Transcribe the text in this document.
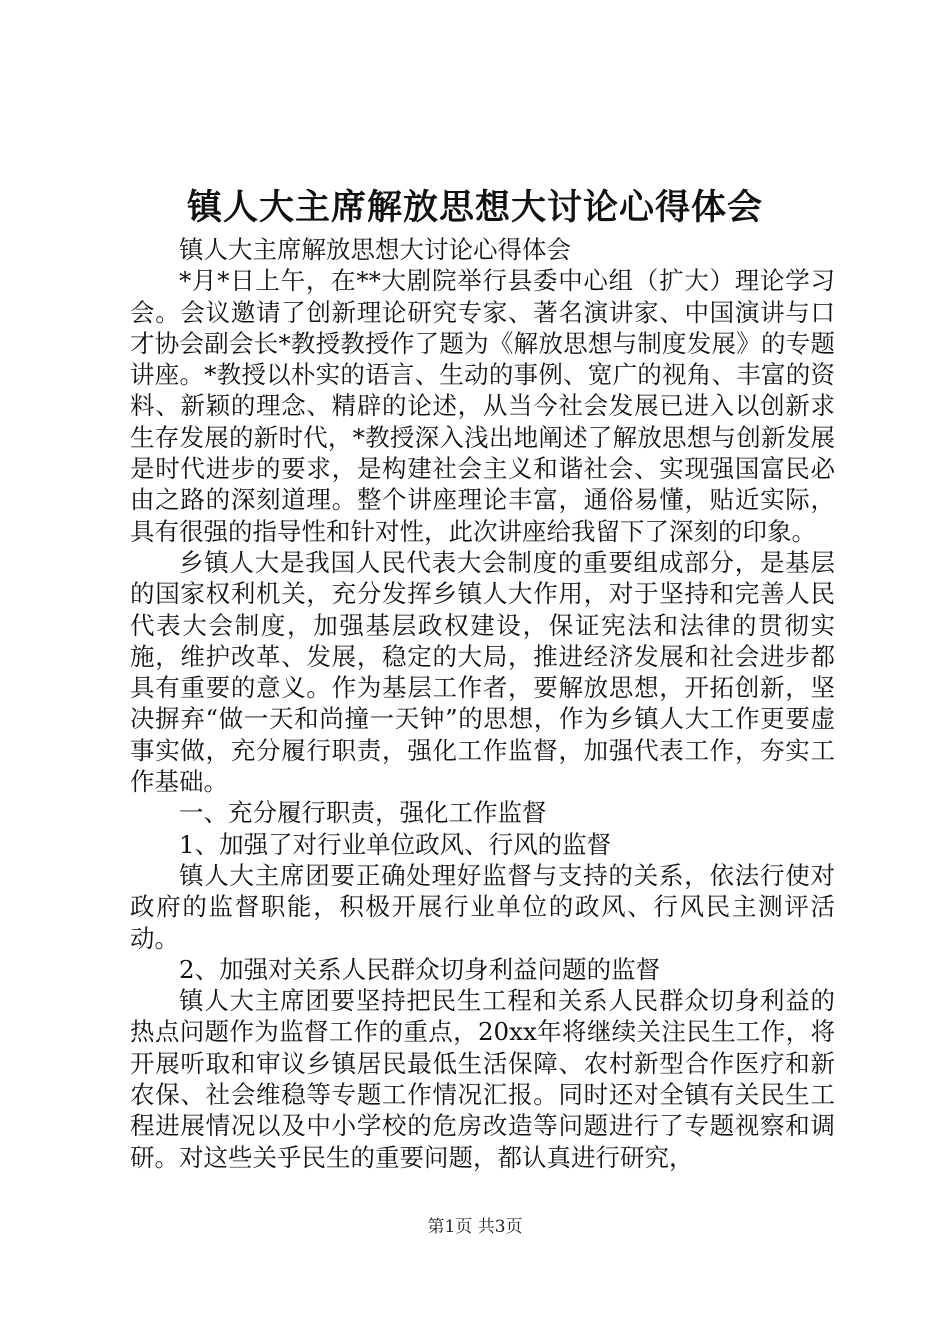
镇人大主席解放思想大讨论心得体会

镇人大主席解放思想大讨论心得体会

*月*日上午，在**大剧院举行县委中心组（扩大）理论学习会。会议邀请了创新理论研究专家、著名演讲家、中国演讲与口才协会副会长*教授教授作了题为《解放思想与制度发展》的专题讲座。*教授以朴实的语言、生动的事例、宽广的视角、丰富的资料、新颖的理念、精辟的论述，从当今社会发展已进入以创新求生存发展的新时代，*教授深入浅出地阐述了解放思想与创新发展是时代进步的要求，是构建社会主义和谐社会、实现强国富民必由之路的深刻道理。整个讲座理论丰富，通俗易懂，贴近实际，具有很强的指导性和针对性，此次讲座给我留下了深刻的印象。

乡镇人大是我国人民代表大会制度的重要组成部分，是基层的国家权利机关，充分发挥乡镇人大作用，对于坚持和完善人民代表大会制度，加强基层政权建设，保证宪法和法律的贯彻实施，维护改革、发展，稳定的大局，推进经济发展和社会进步都具有重要的意义。作为基层工作者，要解放思想，开拓创新，坚决摒弃“做一天和尚撞一天钟”的思想，作为乡镇人大工作更要虚事实做，充分履行职责，强化工作监督，加强代表工作，夯实工作基础。

一、充分履行职责，强化工作监督

1、加强了对行业单位政风、行风的监督

镇人大主席团要正确处理好监督与支持的关系，依法行使对政府的监督职能，积极开展行业单位的政风、行风民主测评活动。

2、加强对关系人民群众切身利益问题的监督

镇人大主席团要坚持把民生工程和关系人民群众切身利益的热点问题作为监督工作的重点，20xx年将继续关注民生工作，将开展听取和审议乡镇居民最低生活保障、农村新型合作医疗和新农保、社会维稳等专题工作情况汇报。同时还对全镇有关民生工程进展情况以及中小学校的危房改造等问题进行了专题视察和调研。对这些关乎民生的重要问题，都认真进行研究，

第1页 共3页
